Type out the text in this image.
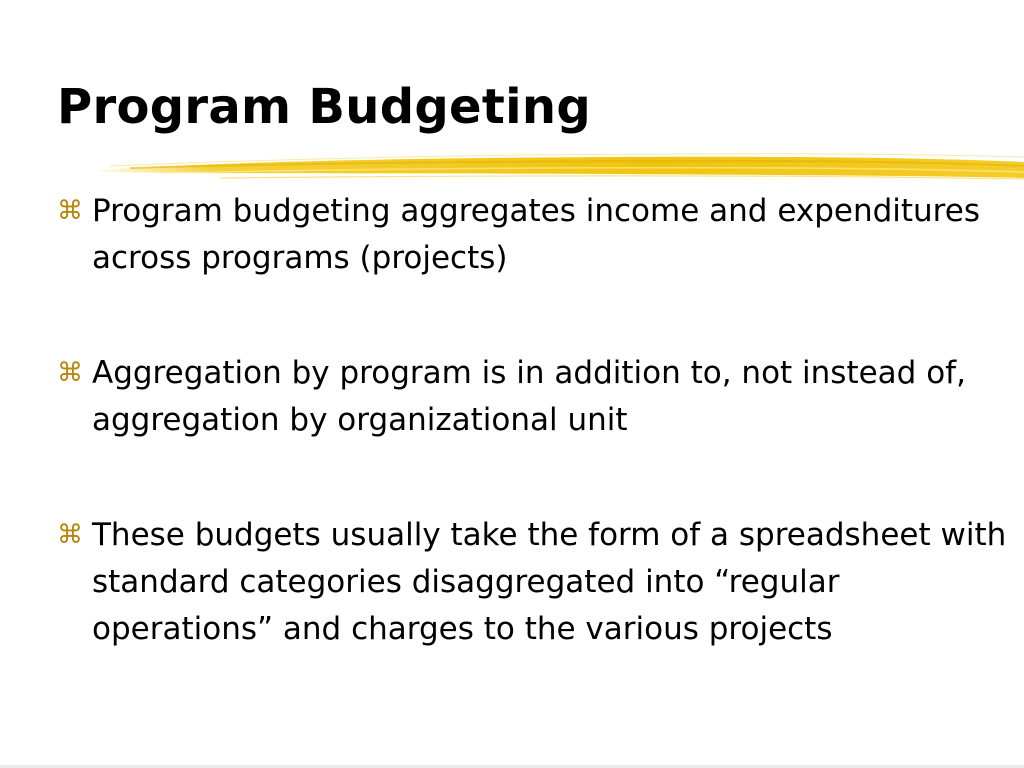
Program Budgeting
⌘ Program budgeting aggregates income and expenditures across programs (projects)
⌘ Aggregation by program is in addition to, not instead of, aggregation by organizational unit
⌘ These budgets usually take the form of a spreadsheet with standard categories disaggregated into “regular operations” and charges to the various projects
